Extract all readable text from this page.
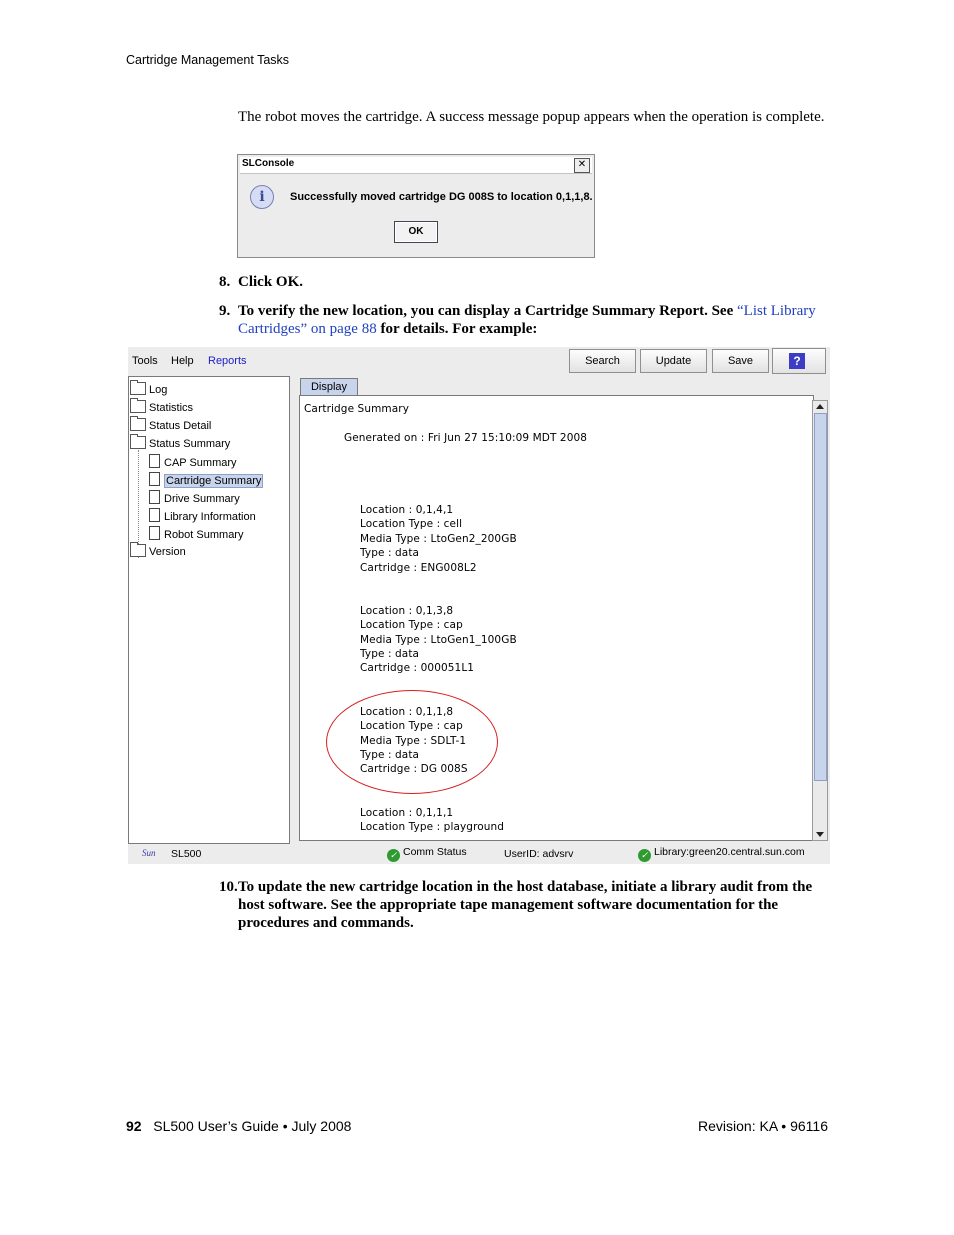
Cartridge Management Tasks
The robot moves the cartridge. A success message popup appears when the operation is complete.
SLConsole	✕
i	Successfully moved cartridge DG 008S to location 0,1,1,8.
OK
8. Click OK.
9. To verify the new location, you can display a Cartridge Summary Report. See “List Library Cartridges” on page 88 for details. For example:
Tools Help Reports	Search	Update	Save	?
Log
Statistics
Status Detail
Status Summary
CAP Summary
Cartridge Summary
Drive Summary
Library Information
Robot Summary
Version
Display
Cartridge Summary
Generated on : Fri Jun 27 15:10:09 MDT 2008
Location : 0,1,4,1
Location Type : cell
Media Type : LtoGen2_200GB
Type : data
Cartridge : ENG008L2
Location : 0,1,3,8
Location Type : cap
Media Type : LtoGen1_100GB
Type : data
Cartridge : 000051L1
Location : 0,1,1,8
Location Type : cap
Media Type : SDLT-1
Type : data
Cartridge : DG 008S
Location : 0,1,1,1
Location Type : playground
Sun SL500	✓ Comm Status	UserID: advsrv	✓ Library:green20.central.sun.com
10. To update the new cartridge location in the host database, initiate a library audit from the host software. See the appropriate tape management software documentation for the procedures and commands.
92 SL500 User’s Guide • July 2008	Revision: KA • 96116
